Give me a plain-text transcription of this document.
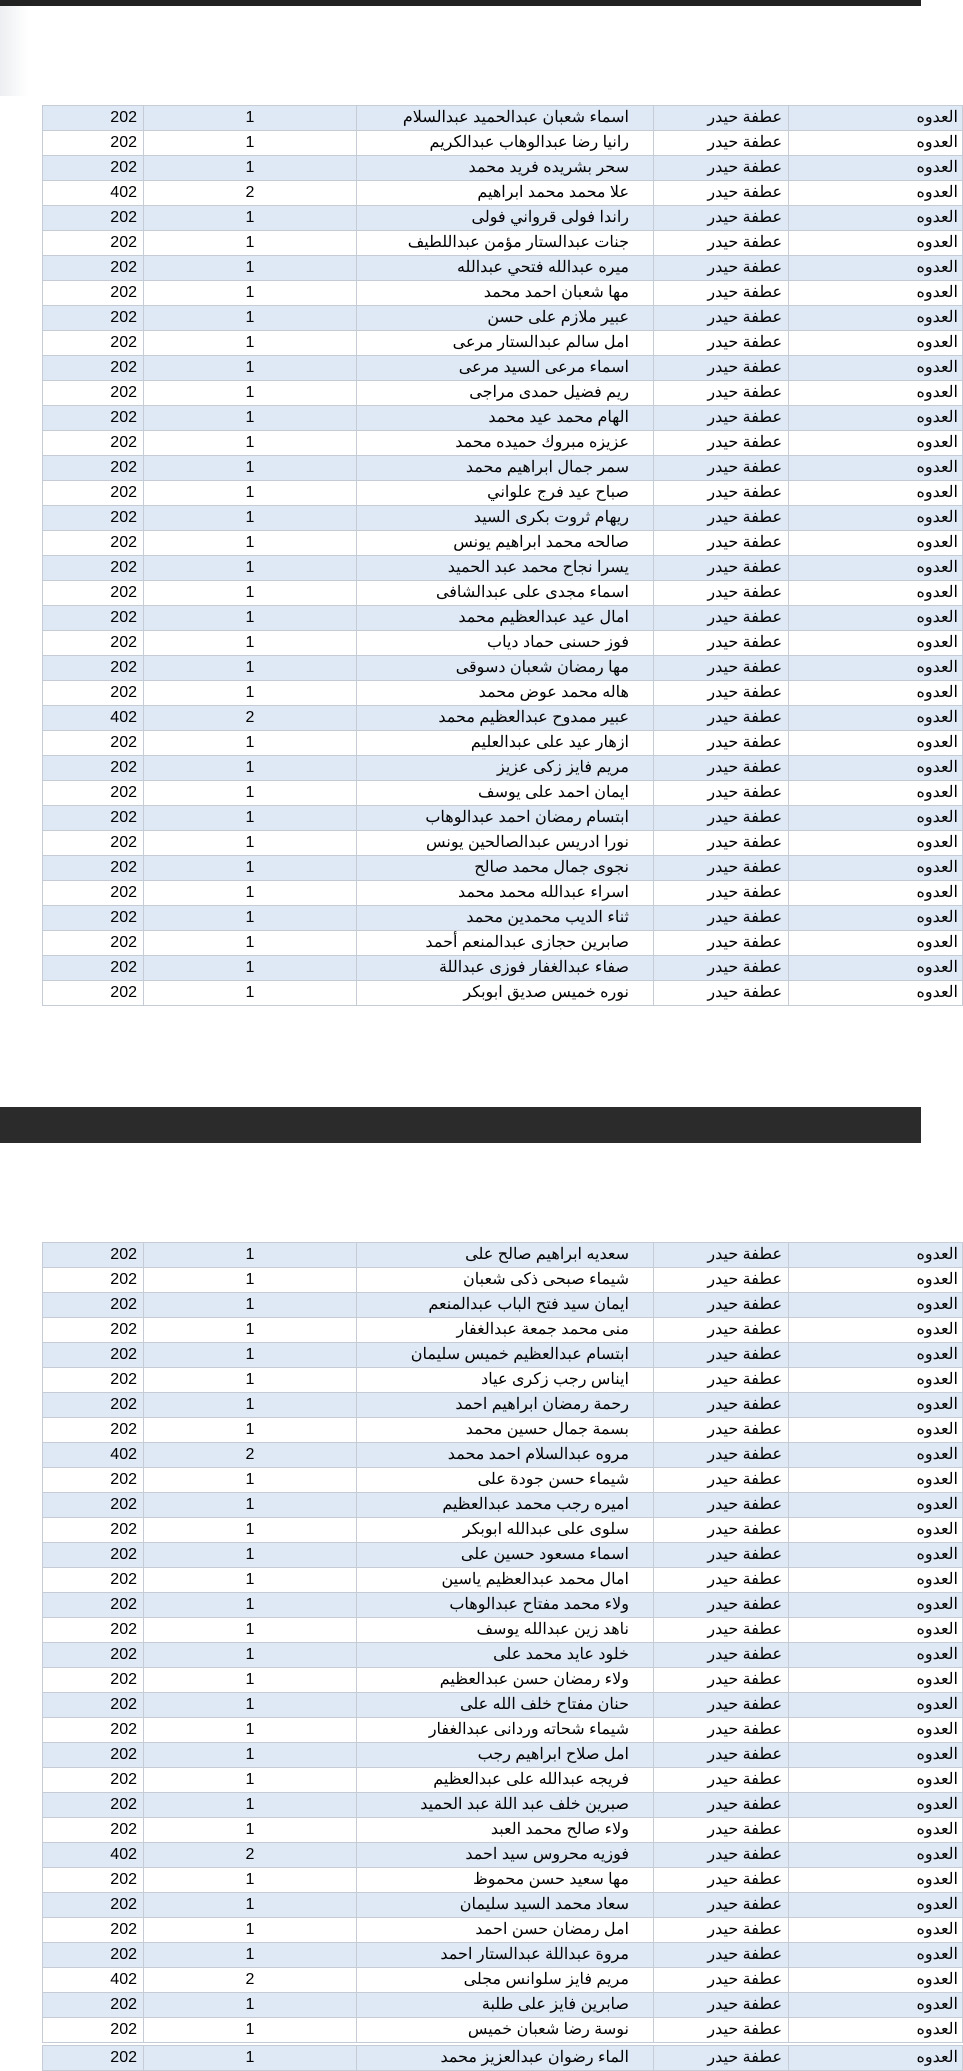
202	1	اسماء شعبان عبدالحميد عبدالسلام	عطفة حيدر	العدوه
202	1	رانيا رضا عبدالوهاب عبدالكريم	عطفة حيدر	العدوه
202	1	سحر بشريده فريد محمد	عطفة حيدر	العدوه
402	2	علا محمد محمد ابراهيم	عطفة حيدر	العدوه
202	1	راندا فولى قرواني فولى	عطفة حيدر	العدوه
202	1	جنات عبدالستار مؤمن عبداللطيف	عطفة حيدر	العدوه
202	1	ميره عبدالله فتحي عبدالله	عطفة حيدر	العدوه
202	1	مها شعبان احمد محمد	عطفة حيدر	العدوه
202	1	عبير ملازم على حسن	عطفة حيدر	العدوه
202	1	امل سالم عبدالستار مرعى	عطفة حيدر	العدوه
202	1	اسماء مرعى السيد مرعى	عطفة حيدر	العدوه
202	1	ريم فضيل حمدى مراجى	عطفة حيدر	العدوه
202	1	الهام محمد عيد محمد	عطفة حيدر	العدوه
202	1	عزيزه مبروك حميده محمد	عطفة حيدر	العدوه
202	1	سمر جمال ابراهيم محمد	عطفة حيدر	العدوه
202	1	صباح عيد فرج علواني	عطفة حيدر	العدوه
202	1	ريهام ثروت بكرى السيد	عطفة حيدر	العدوه
202	1	صالحه محمد ابراهيم يونس	عطفة حيدر	العدوه
202	1	يسرا نجاح محمد عبد الحميد	عطفة حيدر	العدوه
202	1	اسماء مجدى على عبدالشافى	عطفة حيدر	العدوه
202	1	امال عيد عبدالعظيم محمد	عطفة حيدر	العدوه
202	1	فوز حسنى حماد دياب	عطفة حيدر	العدوه
202	1	مها رمضان شعبان دسوقى	عطفة حيدر	العدوه
202	1	هاله محمد عوض محمد	عطفة حيدر	العدوه
402	2	عبير ممدوح عبدالعظيم محمد	عطفة حيدر	العدوه
202	1	ازهار عيد على عبدالعليم	عطفة حيدر	العدوه
202	1	مريم فايز زكى عزيز	عطفة حيدر	العدوه
202	1	ايمان احمد على يوسف	عطفة حيدر	العدوه
202	1	ابتسام رمضان احمد عبدالوهاب	عطفة حيدر	العدوه
202	1	نورا ادريس عبدالصالحين يونس	عطفة حيدر	العدوه
202	1	نجوى جمال محمد صالح	عطفة حيدر	العدوه
202	1	اسراء عبدالله محمد محمد	عطفة حيدر	العدوه
202	1	ثناء الديب محمدين محمد	عطفة حيدر	العدوه
202	1	صابرين حجازى عبدالمنعم أحمد	عطفة حيدر	العدوه
202	1	صفاء عبدالغفار فوزى عبداللة	عطفة حيدر	العدوه
202	1	نوره خميس صديق ابوبكر	عطفة حيدر	العدوه
202	1	سعديه ابراهيم صالح على	عطفة حيدر	العدوه
202	1	شيماء صبحى ذكى شعبان	عطفة حيدر	العدوه
202	1	ايمان سيد فتح الباب عبدالمنعم	عطفة حيدر	العدوه
202	1	منى محمد جمعة عبدالغفار	عطفة حيدر	العدوه
202	1	ابتسام عبدالعظيم خميس سليمان	عطفة حيدر	العدوه
202	1	ايناس رجب زكرى عياد	عطفة حيدر	العدوه
202	1	رحمة رمضان ابراهيم احمد	عطفة حيدر	العدوه
202	1	بسمة جمال حسين محمد	عطفة حيدر	العدوه
402	2	مروه عبدالسلام احمد محمد	عطفة حيدر	العدوه
202	1	شيماء حسن جودة على	عطفة حيدر	العدوه
202	1	اميره رجب محمد عبدالعظيم	عطفة حيدر	العدوه
202	1	سلوى على عبدالله ابوبكر	عطفة حيدر	العدوه
202	1	اسماء مسعود حسين على	عطفة حيدر	العدوه
202	1	امال محمد عبدالعظيم ياسين	عطفة حيدر	العدوه
202	1	ولاء محمد مفتاح عبدالوهاب	عطفة حيدر	العدوه
202	1	ناهد زين عبدالله يوسف	عطفة حيدر	العدوه
202	1	خلود عايد محمد على	عطفة حيدر	العدوه
202	1	ولاء رمضان حسن عبدالعظيم	عطفة حيدر	العدوه
202	1	حنان مفتاح خلف الله على	عطفة حيدر	العدوه
202	1	شيماء شحاته وردانى عبدالغفار	عطفة حيدر	العدوه
202	1	امل صلاح ابراهيم رجب	عطفة حيدر	العدوه
202	1	فريجه عبدالله على عبدالعظيم	عطفة حيدر	العدوه
202	1	صبرين خلف عبد اللة عبد الحميد	عطفة حيدر	العدوه
202	1	ولاء صالح محمد العبد	عطفة حيدر	العدوه
402	2	فوزيه محروس سيد احمد	عطفة حيدر	العدوه
202	1	مها سعيد حسن محموظ	عطفة حيدر	العدوه
202	1	سعاد محمد السيد سليمان	عطفة حيدر	العدوه
202	1	امل رمضان حسن احمد	عطفة حيدر	العدوه
202	1	مروة عبداللة عبدالستار احمد	عطفة حيدر	العدوه
402	2	مريم فايز سلوانس مجلى	عطفة حيدر	العدوه
202	1	صابرين فايز على طلبة	عطفة حيدر	العدوه
202	1	نوسة رضا شعبان خميس	عطفة حيدر	العدوه
202	1	الماء رضوان عبدالعزيز محمد	عطفة حيدر	العدوه
